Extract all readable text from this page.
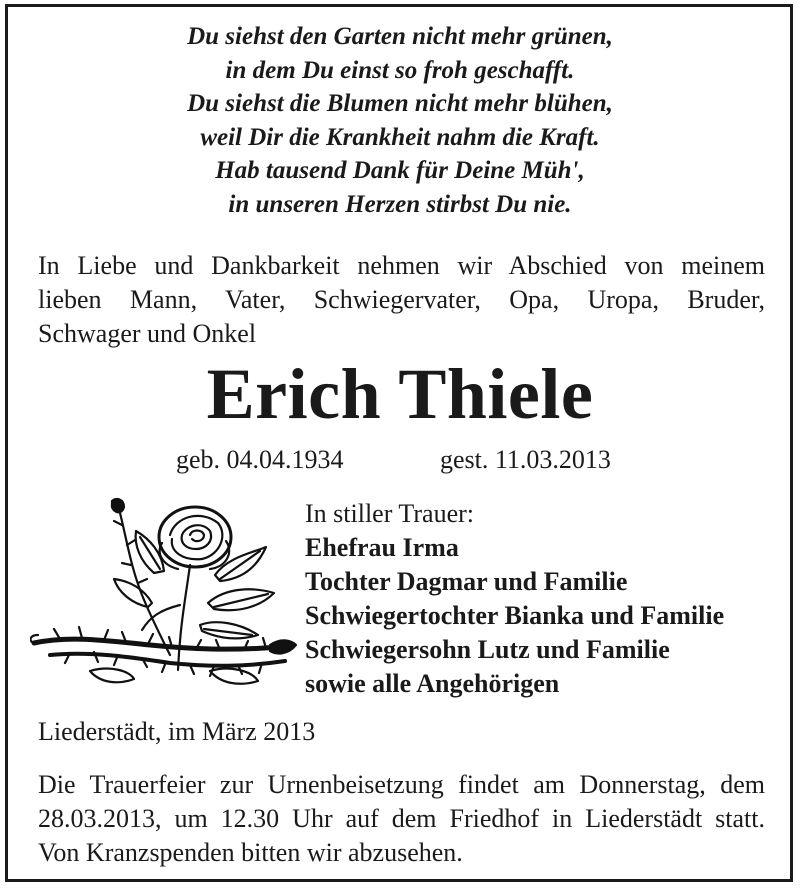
Du siehst den Garten nicht mehr grünen,
in dem Du einst so froh geschafft.
Du siehst die Blumen nicht mehr blühen,
weil Dir die Krankheit nahm die Kraft.
Hab tausend Dank für Deine Müh',
in unseren Herzen stirbst Du nie.
In Liebe und Dankbarkeit nehmen wir Abschied von meinem
lieben Mann, Vater, Schwiegervater, Opa, Uropa, Bruder,
Schwager und Onkel
Erich Thiele
geb. 04.04.1934	gest. 11.03.2013
In stiller Trauer:
Ehefrau Irma
Tochter Dagmar und Familie
Schwiegertochter Bianka und Familie
Schwiegersohn Lutz und Familie
sowie alle Angehörigen
Liederstädt, im März 2013
Die Trauerfeier zur Urnenbeisetzung findet am Donnerstag, dem
28.03.2013, um 12.30 Uhr auf dem Friedhof in Liederstädt statt.
Von Kranzspenden bitten wir abzusehen.
